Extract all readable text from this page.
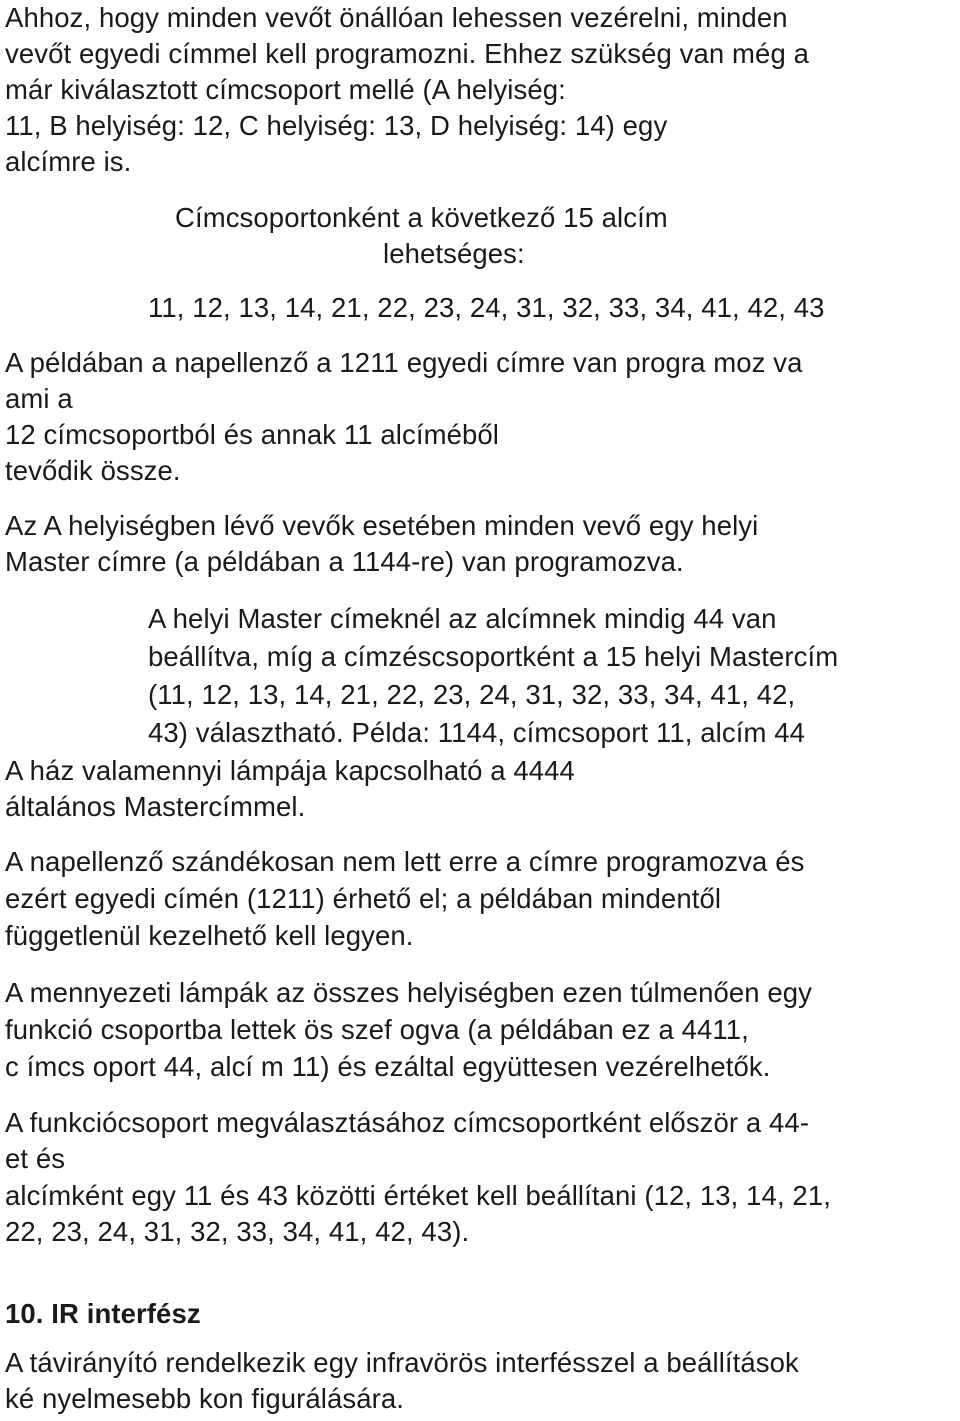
Ahhoz, hogy minden vevőt önállóan lehessen vezérelni, minden
vevőt egyedi címmel kell programozni. Ehhez szükség van még a
már kiválasztott címcsoport mellé (A helyiség:
11, B helyiség: 12, C helyiség: 13, D helyiség: 14) egy
alcímre is.
Címcsoportonként a következő 15 alcím
lehetséges:
11, 12, 13, 14, 21, 22, 23, 24, 31, 32, 33, 34, 41, 42, 43
A példában a napellenző a 1211 egyedi címre van progra moz va
ami a
12 címcsoportból és annak 11 alcíméből
tevődik össze.
Az A helyiségben lévő vevők esetében minden vevő egy helyi
Master címre (a példában a 1144-re) van programozva.
A helyi Master címeknél az alcímnek mindig 44 van
beállítva, míg a címzéscsoportként a 15 helyi Mastercím
(11, 12, 13, 14, 21, 22, 23, 24, 31, 32, 33, 34, 41, 42,
43) választható. Példa: 1144, címcsoport 11, alcím 44
A ház valamennyi lámpája kapcsolható a 4444
általános Mastercímmel.
A napellenző szándékosan nem lett erre a címre programozva és
ezért egyedi címén (1211) érhető el; a példában mindentől
függetlenül kezelhető kell legyen.
A mennyezeti lámpák az összes helyiségben ezen túlmenően egy
funkció csoportba lettek ös szef ogva (a példában ez a 4411,
c ímcs oport 44, alcí m 11) és ezáltal együttesen vezérelhetők.
A funkciócsoport megválasztásához címcsoportként először a 44-
et és
alcímként egy 11 és 43 közötti értéket kell beállítani (12, 13, 14, 21,
22, 23, 24, 31, 32, 33, 34, 41, 42, 43).
10. IR interfész
A távirányító rendelkezik egy infravörös interfésszel a beállítások
ké nyelmesebb kon figurálására.
